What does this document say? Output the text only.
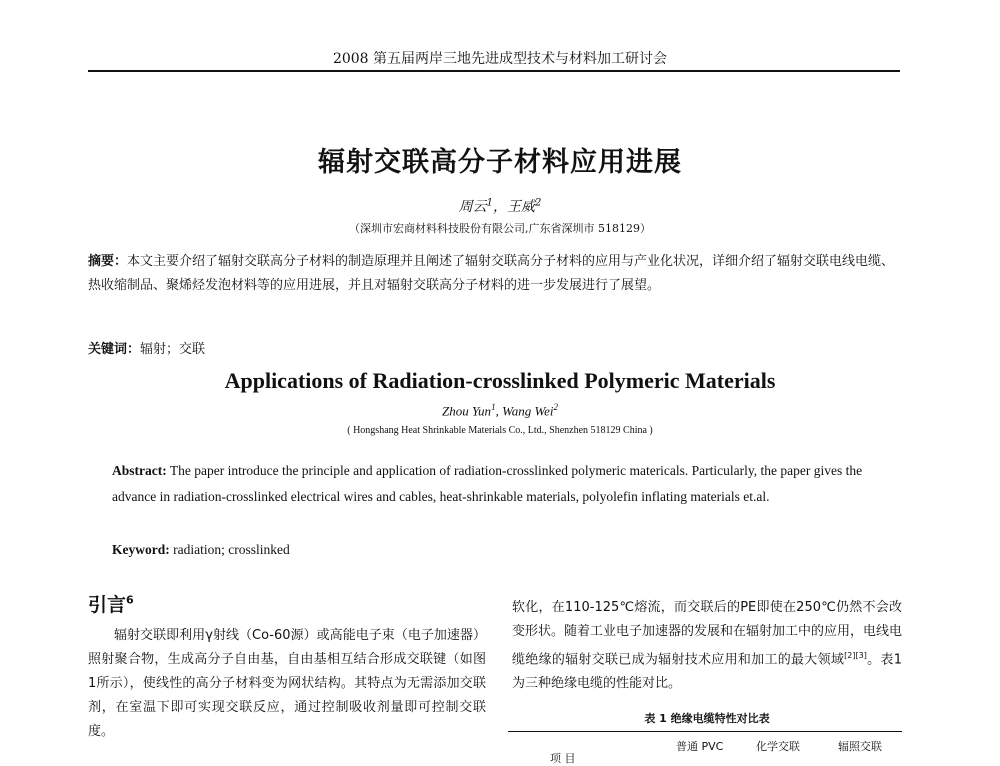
2008 第五届两岸三地先进成型技术与材料加工研讨会
辐射交联高分子材料应用进展
周云$^1$，王威$^2$
（深圳市宏商材料科技股份有限公司,广东省深圳市 518129）
摘要：本文主要介绍了辐射交联高分子材料的制造原理并且阐述了辐射交联高分子材料的应用与产业化状况，详细介绍了辐射交联电线电缆、热收缩制品、聚烯烃发泡材料等的应用进展，并且对辐射交联高分子材料的进一步发展进行了展望。
关键词：辐射；交联
Applications of Radiation-crosslinked Polymeric Materials
Zhou Yun$^1$, Wang Wei$^2$
( Hongshang Heat Shrinkable Materials Co., Ltd., Shenzhen 518129 China )
Abstract: The paper introduce the principle and application of radiation-crosslinked polymeric matericals. Particularly, the paper gives the advance in radiation-crosslinked electrical wires and cables, heat-shrinkable materials, polyolefin inflating materials et.al.
Keyword: radiation; crosslinked
引言$^6$
辐射交联即利用γ射线（Co-60源）或高能电子束（电子加速器）照射聚合物，生成高分子自由基，自由基相互结合形成交联键（如图1所示），使线性的高分子材料变为网状结构。其特点为无需添加交联剂，在室温下即可实现交联反应，通过控制吸收剂量即可控制交联度。
软化，在110-125℃熔流，而交联后的PE即使在250℃仍然不会改变形状。随着工业电子加速器的发展和在辐射加工中的应用，电线电缆绝缘的辐射交联已成为辐射技术应用和加工的最大领域[2][3]。表1为三种绝缘电缆的性能对比。
表 1 绝缘电缆特性对比表
项 目
普通 PVC	化学交联	辐照交联
